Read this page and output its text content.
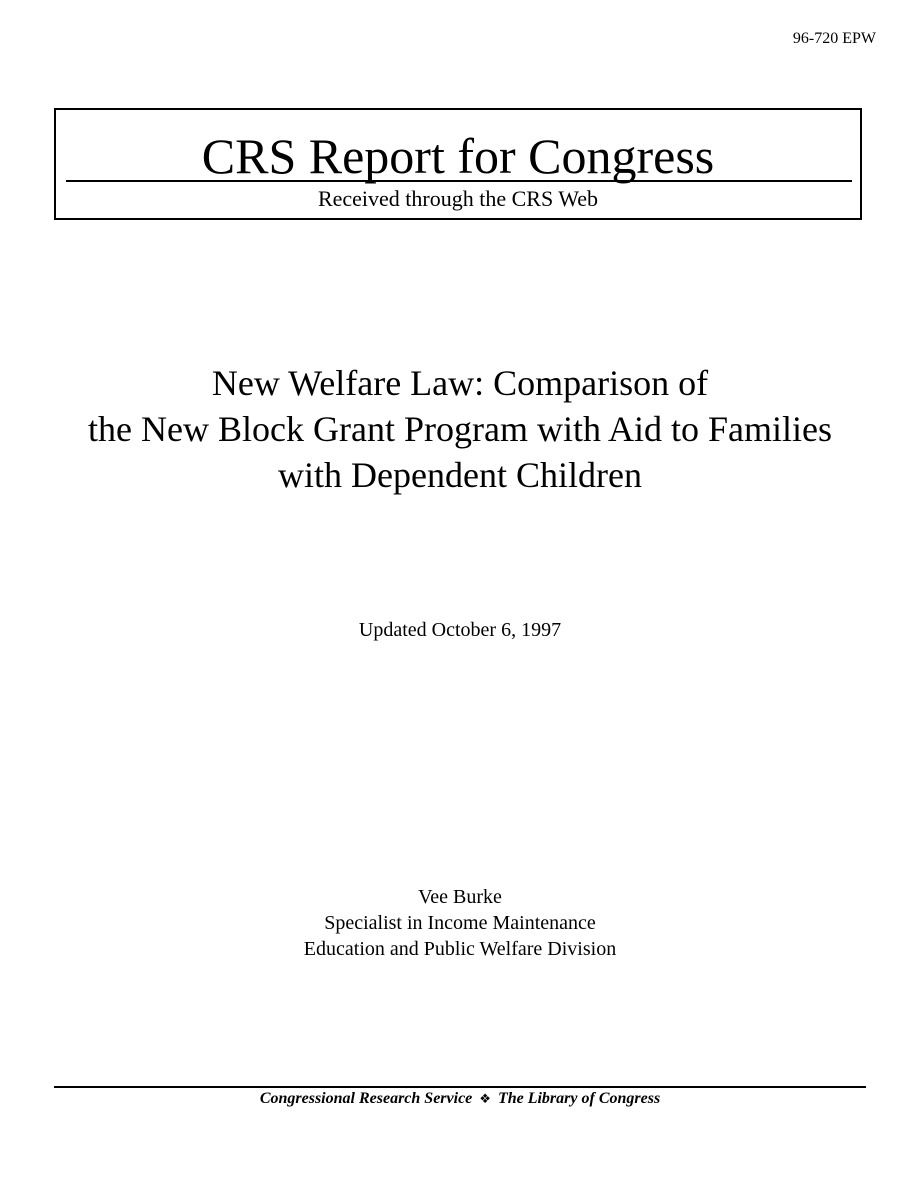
96-720 EPW
CRS Report for Congress
Received through the CRS Web
New Welfare Law: Comparison of
the New Block Grant Program with Aid to Families
with Dependent Children
Updated October 6, 1997
Vee Burke
Specialist in Income Maintenance
Education and Public Welfare Division
Congressional Research Service ❖ The Library of Congress
